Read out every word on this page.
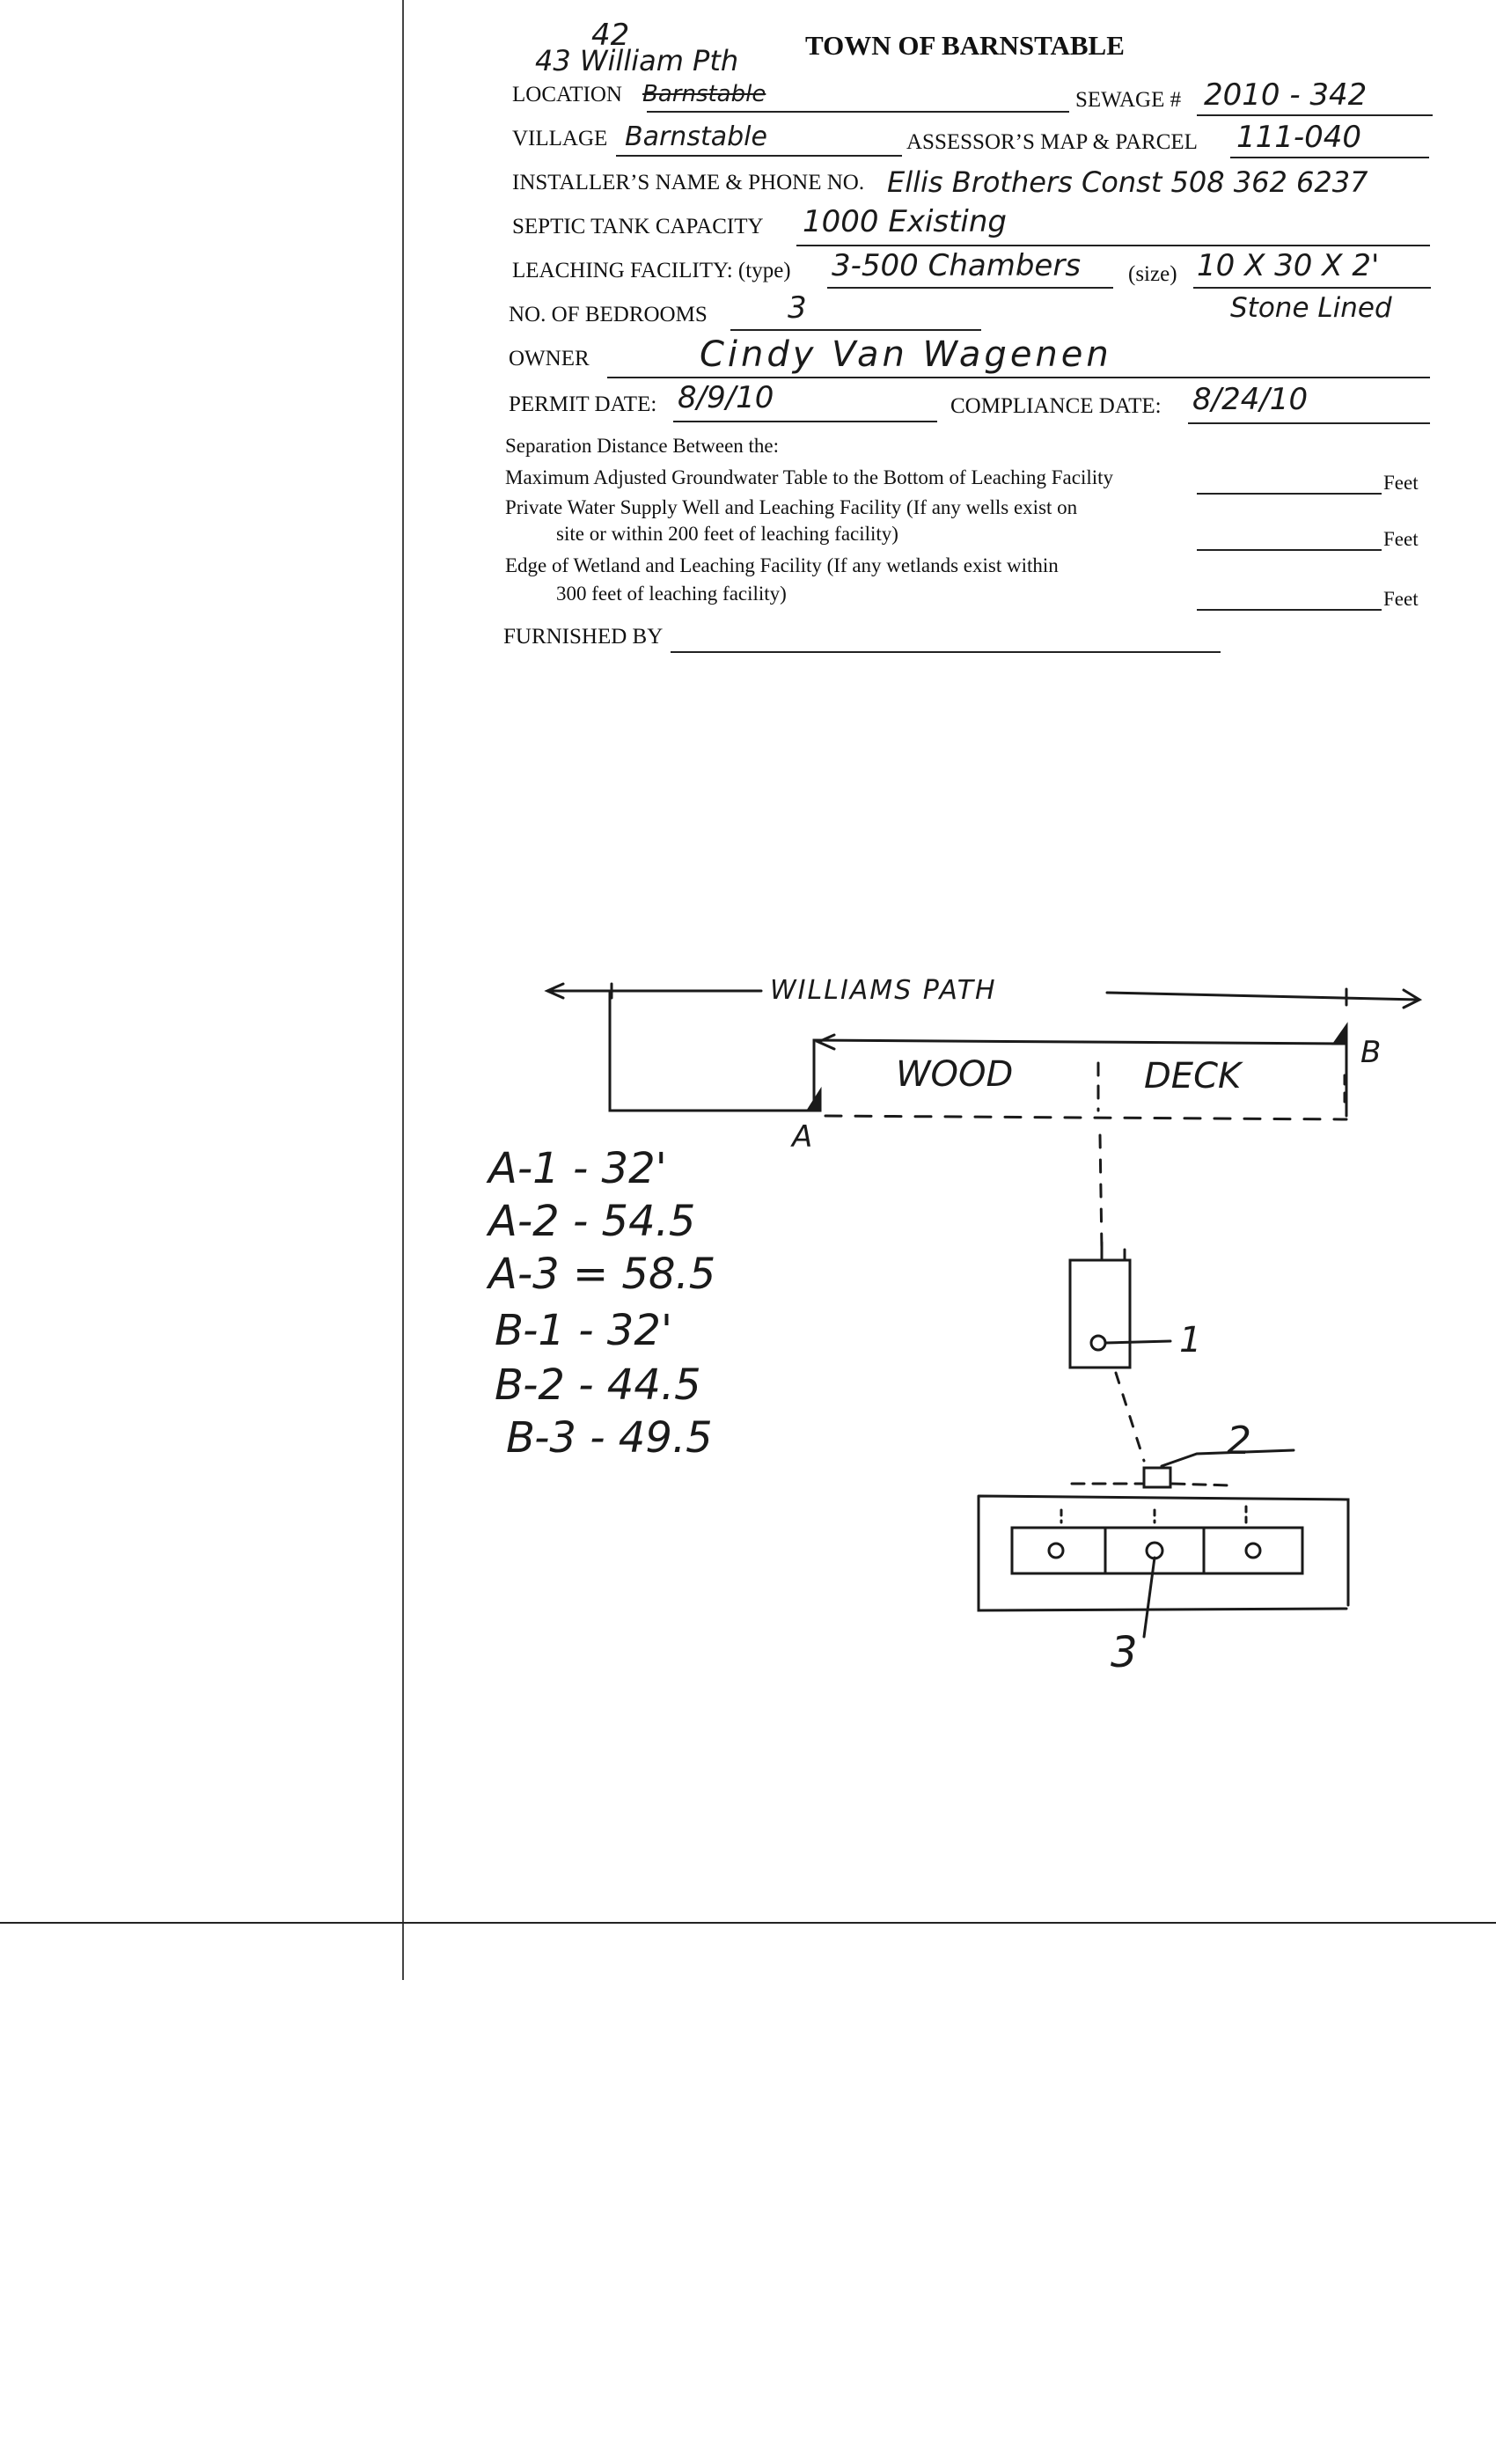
TOWN OF BARNSTABLE
42
43 William Pth
LOCATION Barnstable	SEWAGE # 2010 - 342
VILLAGE Barnstable	ASSESSOR’S MAP & PARCEL 111-040
INSTALLER’S NAME & PHONE NO. Ellis Brothers Const 508 362 6237
SEPTIC TANK CAPACITY 1000 Existing
LEACHING FACILITY: (type) 3-500 Chambers (size) 10 X 30 X 2'
Stone Lined
NO. OF BEDROOMS	3
OWNER	Cindy Van Wagenen
PERMIT DATE: 8/9/10	COMPLIANCE DATE: 8/24/10
Separation Distance Between the:
Maximum Adjusted Groundwater Table to the Bottom of Leaching Facility	Feet
Private Water Supply Well and Leaching Facility (If any wells exist on
site or within 200 feet of leaching facility)	Feet
Edge of Wetland and Leaching Facility (If any wetlands exist within
300 feet of leaching facility)	Feet
FURNISHED BY
WILLIAMS PATH
WOOD	DECK
A
B
A-1 - 32'
A-2 - 54.5
A-3 = 58.5
B-1 - 32'
B-2 - 44.5
B-3 - 49.5
1
2
3
